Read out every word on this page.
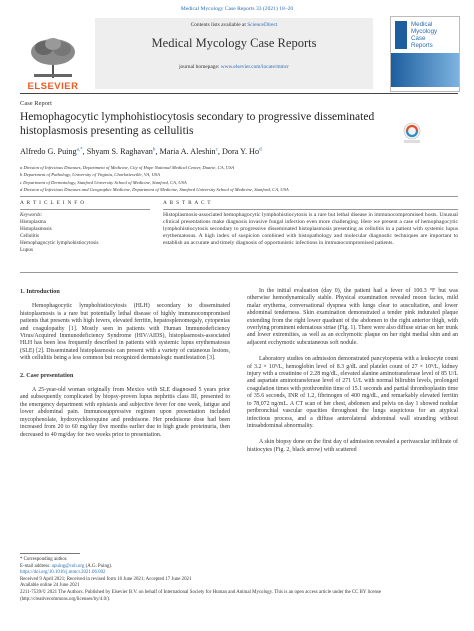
Medical Mycology Case Reports 33 (2021) 18–20
ELSEVIER
Contents lists available at ScienceDirect
Medical Mycology Case Reports
journal homepage: www.elsevier.com/locate/mmcr
Medical
Mycology
Case
Reports
Case Report
Hemophagocytic lymphohistiocytosis secondary to progressive disseminated histoplasmosis presenting as cellulitis
Alfredo G. Puing$^{a,*}$, Shyam S. Raghavan$^b$, Maria A. Aleshin$^c$, Dora Y. Ho$^d$
a Division of Infectious Diseases, Department of Medicine, City of Hope National Medical Center, Duarte, CA, USA
b Department of Pathology, University of Virginia, Charlottesville, VA, USA
c Department of Dermatology, Stanford University School of Medicine, Stanford, CA, USA
d Division of Infectious Diseases and Geographic Medicine, Department of Medicine, Stanford University School of Medicine, Stanford, CA, USA
A R T I C L E I N F O	A B S T R A C T
Keywords:
Histoplasma
Histoplasmosis
Cellulitis
Hemophagocytic lymphohistiocytosis
Lupus
Histoplasmosis-associated hemophagocytic lymphohistiocytosis is a rare but lethal disease in immunocompromised hosts. Unusual clinical presentations make diagnosis invasive fungal infection even more challenging. Here we present a case of hemophagocytic lymphohistiocytosis secondary to progressive disseminated histoplasmosis presenting as cellulitis in a patient with systemic lupus erythematosus. A high index of suspicion combined with histopathology and molecular diagnostic techniques are important to establish an accurate and timely diagnosis of opportunistic infections in immunocompromised patients.
1. Introduction
Hemophagocytic lymphohistiocytosis (HLH) secondary to disseminated histoplasmosis is a rare but potentially lethal disease of highly immunocompromised patients that presents with high fevers, elevated ferritin, hepatosplenomegaly, cytopenias and coagulopathy [1]. Mostly seen in patients with Human Immunodeficiency Virus/Acquired Immunodeficiency Syndrome (HIV/AIDS), histoplasmosis-associated HLH has been less frequently described in patients with systemic lupus erythematosus (SLE) [2]. Disseminated histoplasmosis can present with a variety of cutaneous lesions, with cellulitis being a less common but recognized dermatologic manifestation [3].
2. Case presentation
A 25-year-old woman originally from Mexico with SLE diagnosed 5 years prior and subsequently complicated by biopsy-proven lupus nephritis class III, presented to the emergency department with epistaxis and subjective fever for one week, fatigue and lower abdominal pain. Immunosuppressive regimen upon presentation included mycophenolate, hydroxychloroquine and prednisone. Her prednisone dose had been increased from 20 to 60 mg/day five months earlier due to high grade proteinuria, then decreased to 40 mg/day for two weeks prior to presentation.
In the initial evaluation (day 0), the patient had a fever of 100.3 °F but was otherwise hemodynamically stable. Physical examination revealed moon facies, mild malar erythema, conversational dyspnea with lungs clear to auscultation, and lower abdominal tenderness. Skin examination demonstrated a tender pink indurated plaque extending from the right lower quadrant of the abdomen to the right anterior thigh, with overlying prominent edematous striae (Fig. 1). There were also diffuse striae on her trunk and lower extremities, as well as an ecchymotic plaque on her right medial shin and an adjacent ecchymotic subcutaneous soft nodule.
Laboratory studies on admission demonstrated pancytopenia with a leukocyte count of 3.2 × 10⁹/L, hemoglobin level of 8.3 g/dL and platelet count of 27 × 10⁹/L, kidney injury with a creatinine of 2.28 mg/dL, elevated alanine aminotransferase level of 85 U/L and aspartate aminotransferase level of 271 U/L with normal bilirubin levels, prolonged coagulation times with prothrombin time of 15.1 seconds and partial thromboplastin time of 35.6 seconds, INR of 1.2, fibrinogen of 400 mg/dL, and remarkably elevated ferritin to 78,072 ng/mL. A CT scan of her chest, abdomen and pelvis on day 1 showed nodular peribronchial vascular opacities throughout the lungs suspicious for an atypical infectious process, and a diffuse anterolateral abdominal wall stranding without intraabdominal abnormality.
A skin biopsy done on the first day of admission revealed a perivascular infiltrate of histiocytes (Fig. 2, black arrow) with scattered
* Corresponding author.
E-mail address: apuing@coh.org (A.G. Puing).
https://doi.org/10.1016/j.mmcr.2021.06.002
Received 9 April 2021; Received in revised form 16 June 2021; Accepted 17 June 2021
Available online 24 June 2021
2211-7539/© 2021 The Authors. Published by Elsevier B.V. on behalf of International Society for Human and Animal Mycology. This is an open access article under the CC BY license (http://creativecommons.org/licenses/by/4.0/).
